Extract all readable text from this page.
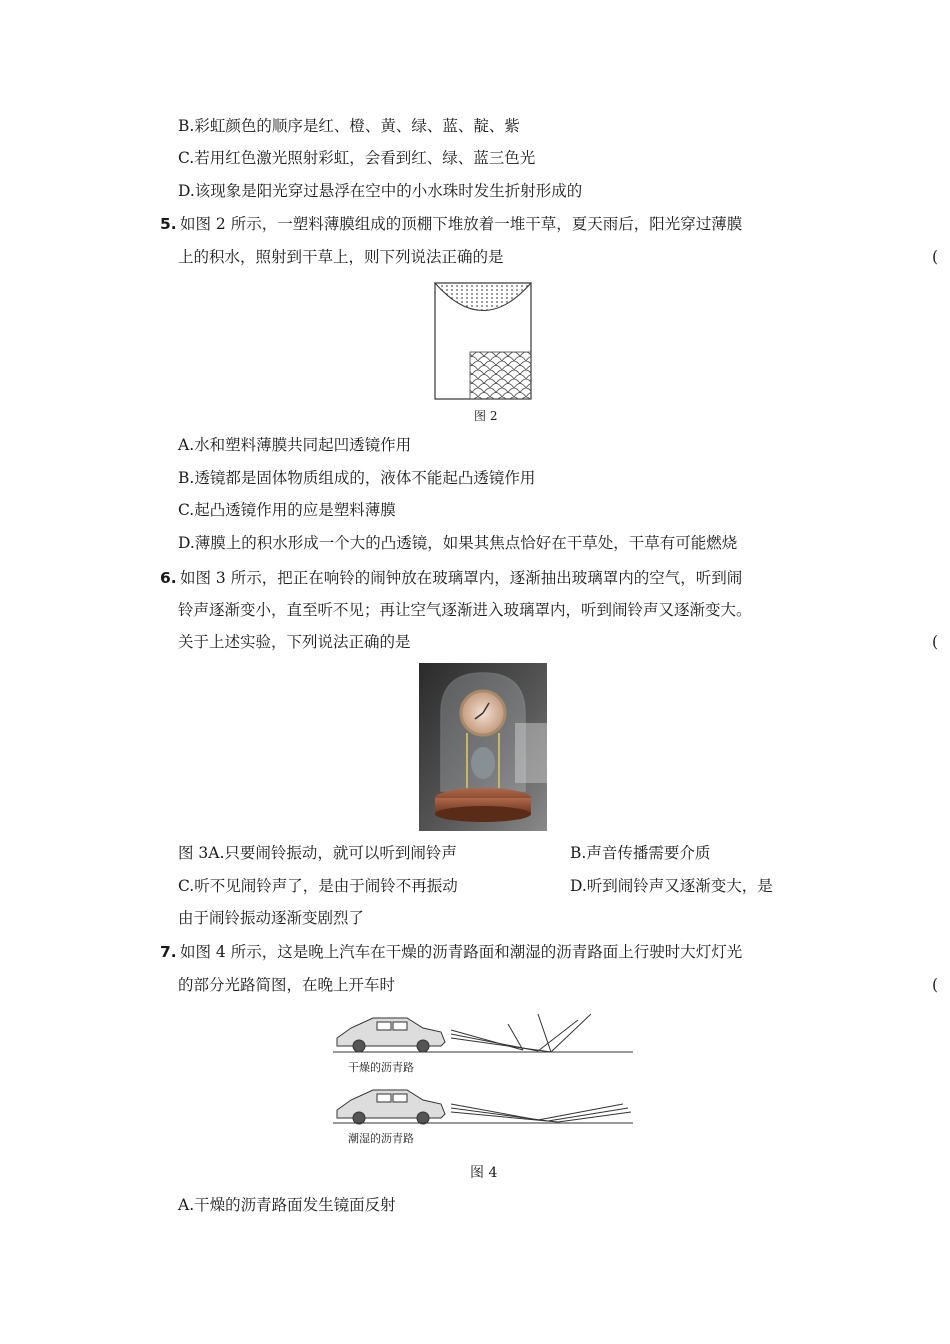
B.彩虹颜色的顺序是红、橙、黄、绿、蓝、靛、紫
C.若用红色激光照射彩虹，会看到红、绿、蓝三色光
D.该现象是阳光穿过悬浮在空中的小水珠时发生折射形成的
5. 如图 2 所示，一塑料薄膜组成的顶棚下堆放着一堆干草，夏天雨后，阳光穿过薄膜
上的积水，照射到干草上，则下列说法正确的是	(
图 2
A.水和塑料薄膜共同起凹透镜作用
B.透镜都是固体物质组成的，液体不能起凸透镜作用
C.起凸透镜作用的应是塑料薄膜
D.薄膜上的积水形成一个大的凸透镜，如果其焦点恰好在干草处，干草有可能燃烧
6. 如图 3 所示，把正在响铃的闹钟放在玻璃罩内，逐渐抽出玻璃罩内的空气，听到闹
铃声逐渐变小，直至听不见；再让空气逐渐进入玻璃罩内，听到闹铃声又逐渐变大。
关于上述实验，下列说法正确的是	(
图 3A.只要闹铃振动，就可以听到闹铃声	B.声音传播需要介质
C.听不见闹铃声了，是由于闹铃不再振动	D.听到闹铃声又逐渐变大，是
由于闹铃振动逐渐变剧烈了
7. 如图 4 所示，这是晚上汽车在干燥的沥青路面和潮湿的沥青路面上行驶时大灯灯光
的部分光路简图，在晚上开车时	(
干燥的沥青路
潮湿的沥青路
图 4
A.干燥的沥青路面发生镜面反射
